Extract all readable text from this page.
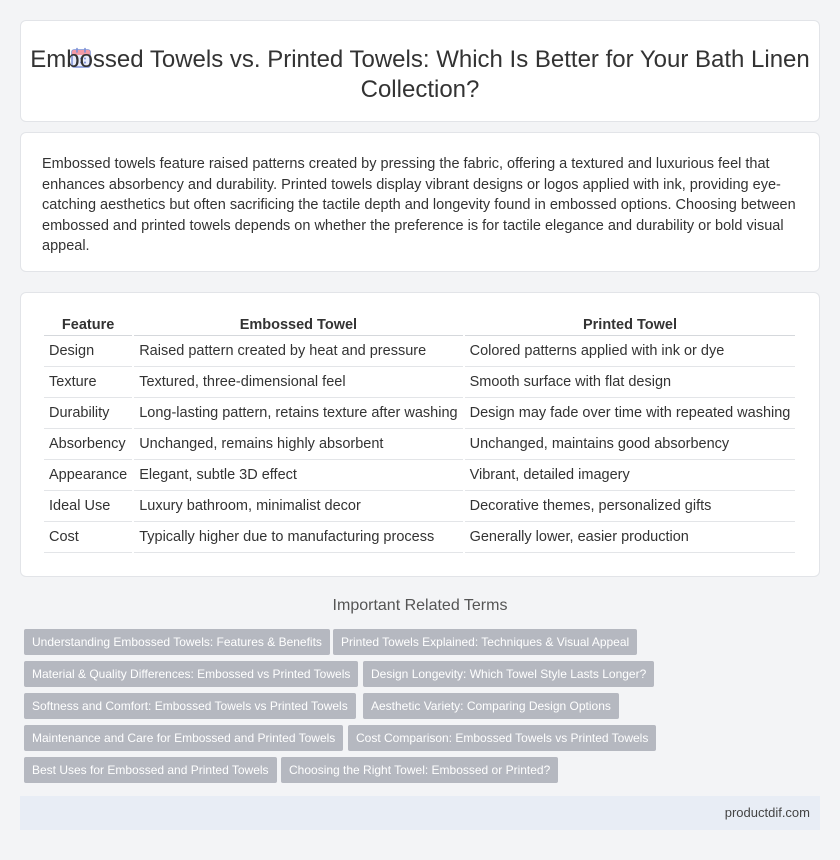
Embossed Towels vs. Printed Towels: Which Is Better for Your Bath Linen Collection?

Embossed towels feature raised patterns created by pressing the fabric, offering a textured and luxurious feel that enhances absorbency and durability. Printed towels display vibrant designs or logos applied with ink, providing eye-catching aesthetics but often sacrificing the tactile depth and longevity found in embossed options. Choosing between embossed and printed towels depends on whether the preference is for tactile elegance and durability or bold visual appeal.

Feature	Embossed Towel	Printed Towel
Design	Raised pattern created by heat and pressure	Colored patterns applied with ink or dye
Texture	Textured, three-dimensional feel	Smooth surface with flat design
Durability	Long-lasting pattern, retains texture after washing	Design may fade over time with repeated washing
Absorbency	Unchanged, remains highly absorbent	Unchanged, maintains good absorbency
Appearance	Elegant, subtle 3D effect	Vibrant, detailed imagery
Ideal Use	Luxury bathroom, minimalist decor	Decorative themes, personalized gifts
Cost	Typically higher due to manufacturing process	Generally lower, easier production
Important Related Terms
Understanding Embossed Towels: Features & Benefits	Printed Towels Explained: Techniques & Visual Appeal
Material & Quality Differences: Embossed vs Printed Towels	Design Longevity: Which Towel Style Lasts Longer?
Softness and Comfort: Embossed Towels vs Printed Towels	Aesthetic Variety: Comparing Design Options
Maintenance and Care for Embossed and Printed Towels	Cost Comparison: Embossed Towels vs Printed Towels
Best Uses for Embossed and Printed Towels	Choosing the Right Towel: Embossed or Printed?
productdif.com
